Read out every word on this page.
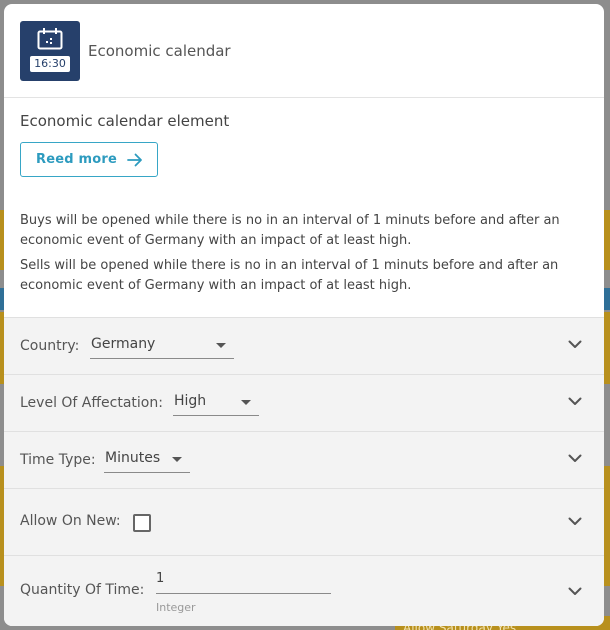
16:30
Economic calendar
Economic calendar element
Reed more
Buys will be opened while there is no in an interval of 1 minuts before and after an economic event of Germany with an impact of at least high.
Sells will be opened while there is no in an interval of 1 minuts before and after an economic event of Germany with an impact of at least high.
Country: Germany
Level Of Affectation: High
Time Type: Minutes
Allow On New:
Quantity Of Time:
1
Integer
